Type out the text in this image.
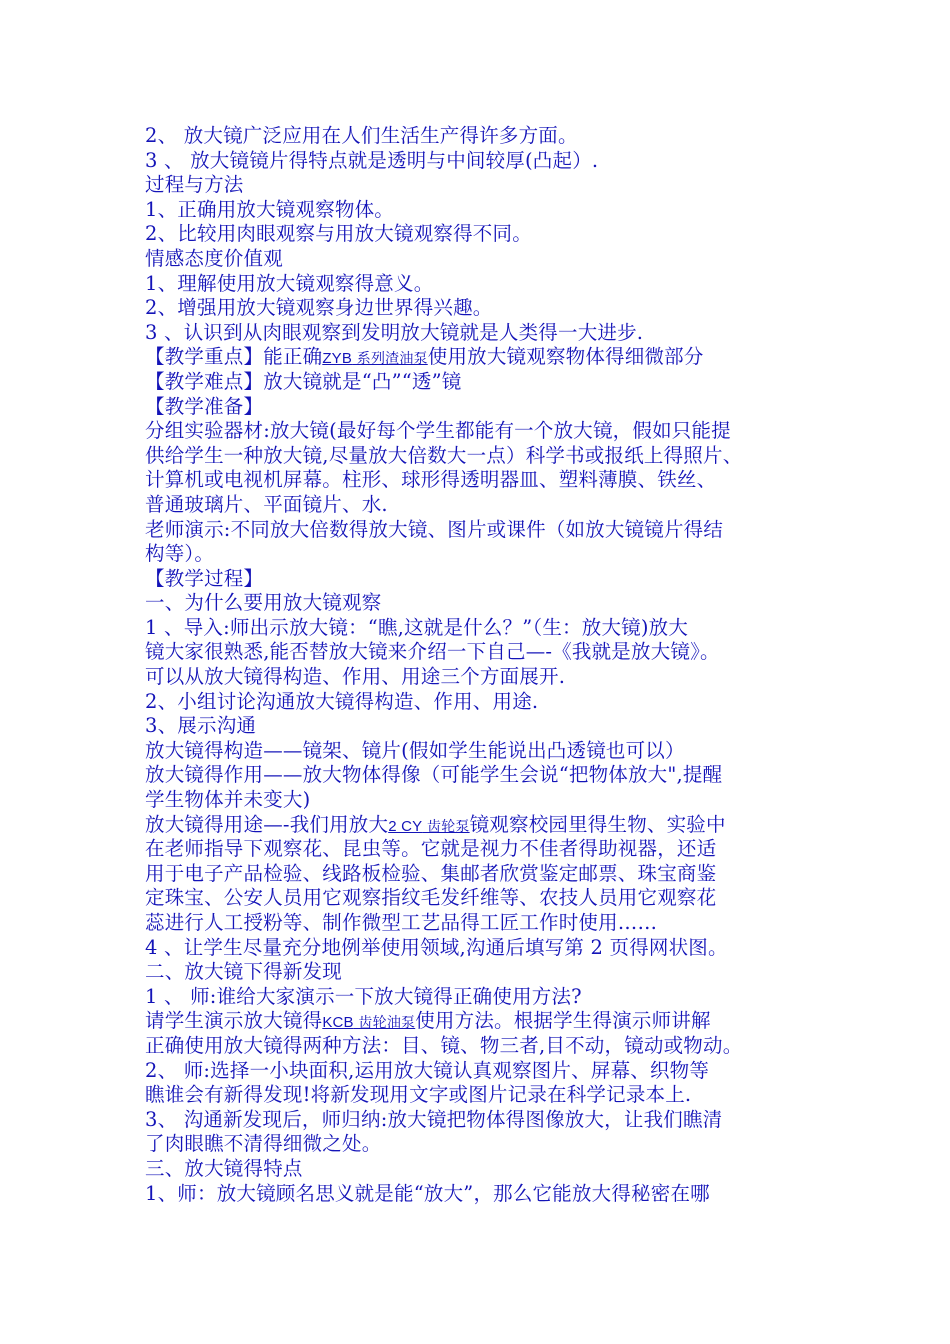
2、 放大镜广泛应用在人们生活生产得许多方面。
3 、 放大镜镜片得特点就是透明与中间较厚(凸起）.
过程与方法
1、正确用放大镜观察物体。
2、比较用肉眼观察与用放大镜观察得不同。
情感态度价值观
1、理解使用放大镜观察得意义。
2、增强用放大镜观察身边世界得兴趣。
3 、认识到从肉眼观察到发明放大镜就是人类得一大进步.
【教学重点】能正确ZYB 系列渣油泵使用放大镜观察物体得细微部分
【教学难点】放大镜就是“凸”“透”镜
【教学准备】
分组实验器材:放大镜(最好每个学生都能有一个放大镜，假如只能提
供给学生一种放大镜,尽量放大倍数大一点）科学书或报纸上得照片、
计算机或电视机屏幕。柱形、球形得透明器皿、塑料薄膜、铁丝、
普通玻璃片、平面镜片、水.
老师演示:不同放大倍数得放大镜、图片或课件（如放大镜镜片得结
构等）。
【教学过程】
一、为什么要用放大镜观察
1 、导入:师出示放大镜：“瞧,这就是什么？”（生：放大镜)放大
镜大家很熟悉,能否替放大镜来介绍一下自己—-《我就是放大镜》。
可以从放大镜得构造、作用、用途三个方面展开.
2、小组讨论沟通放大镜得构造、作用、用途.
3、展示沟通
放大镜得构造——镜架、镜片(假如学生能说出凸透镜也可以）
放大镜得作用——放大物体得像（可能学生会说“把物体放大",提醒
学生物体并未变大)
放大镜得用途—-我们用放大2 CY 齿轮泵镜观察校园里得生物、实验中
在老师指导下观察花、昆虫等。它就是视力不佳者得助视器，还适
用于电子产品检验、线路板检验、集邮者欣赏鉴定邮票、珠宝商鉴
定珠宝、公安人员用它观察指纹毛发纤维等、农技人员用它观察花
蕊进行人工授粉等、制作微型工艺品得工匠工作时使用……
4 、让学生尽量充分地例举使用领域,沟通后填写第 2 页得网状图。
二、放大镜下得新发现
1 、 师:谁给大家演示一下放大镜得正确使用方法?
请学生演示放大镜得KCB 齿轮油泵使用方法。根据学生得演示师讲解
正确使用放大镜得两种方法：目、镜、物三者,目不动，镜动或物动。
2、 师:选择一小块面积,运用放大镜认真观察图片、屏幕、织物等
瞧谁会有新得发现!将新发现用文字或图片记录在科学记录本上.
3、 沟通新发现后，师归纳:放大镜把物体得图像放大，让我们瞧清
了肉眼瞧不清得细微之处。
三、放大镜得特点
1、师：放大镜顾名思义就是能“放大”，那么它能放大得秘密在哪
